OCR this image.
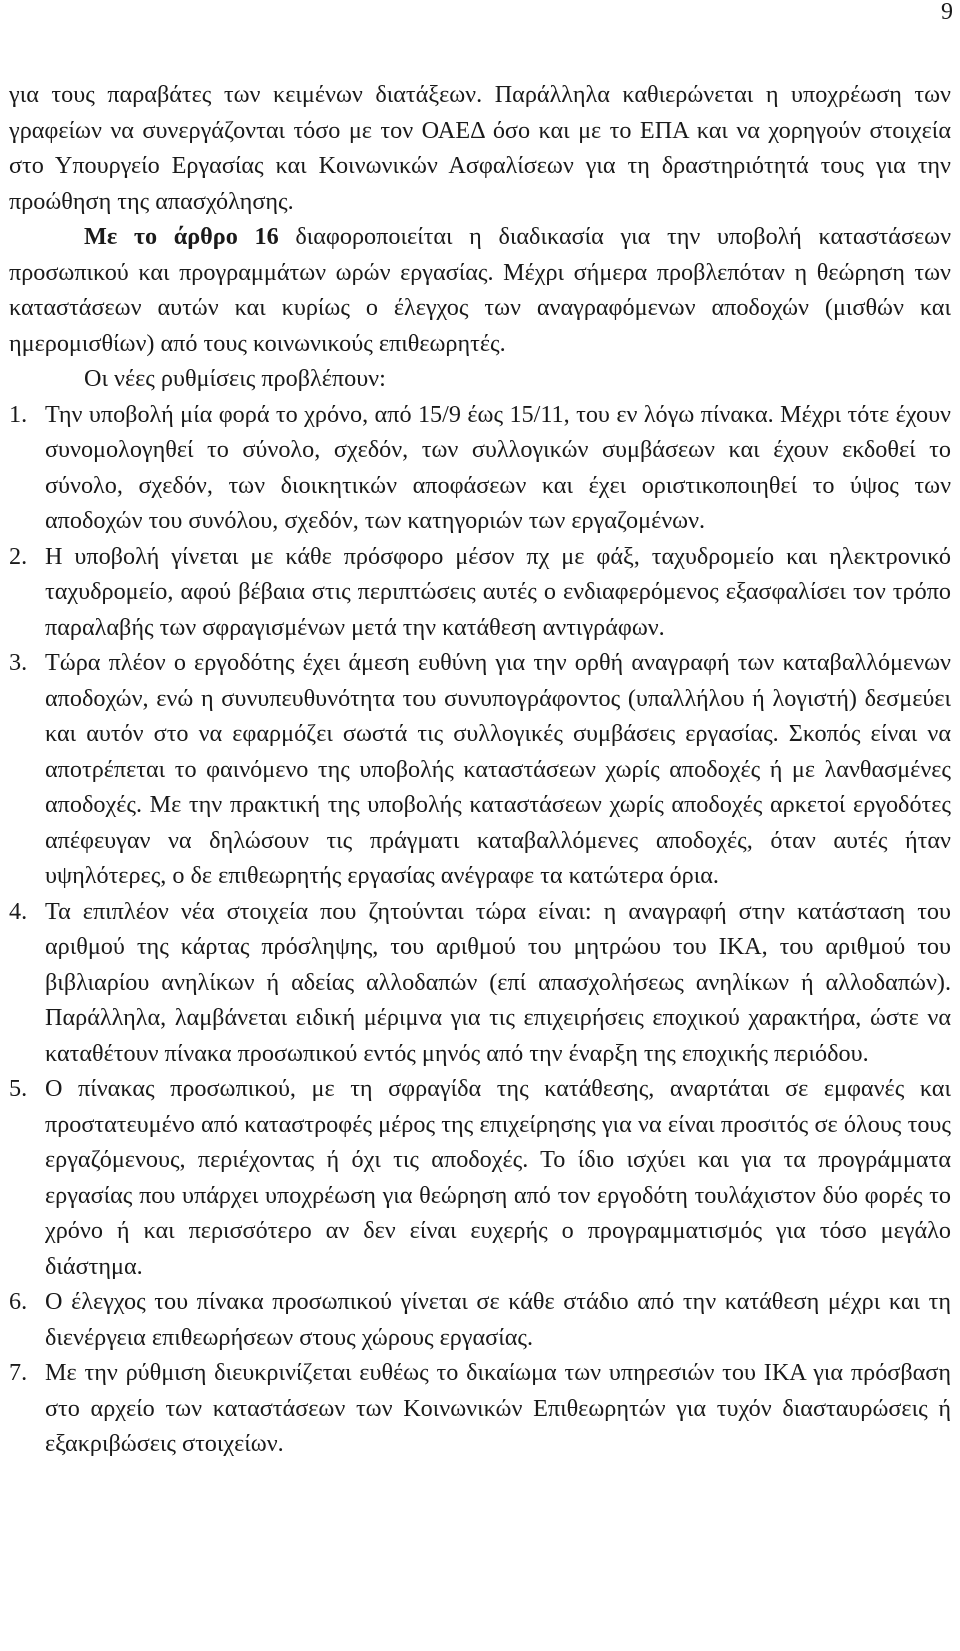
9

για τους παραβάτες των κειμένων διατάξεων. Παράλληλα καθιερώνεται η υποχρέωση των γραφείων να συνεργάζονται τόσο με τον ΟΑΕΔ όσο και με το ΕΠΑ και να χορηγούν στοιχεία στο Υπουργείο Εργασίας και Κοινωνικών Ασφαλίσεων για τη δραστηριότητά τους για την προώθηση της απασχόλησης.

Με το άρθρο 16 διαφοροποιείται η διαδικασία για την υποβολή καταστάσεων προσωπικού και προγραμμάτων ωρών εργασίας. Μέχρι σήμερα προβλεπόταν η θεώρηση των καταστάσεων αυτών και κυρίως ο έλεγχος των αναγραφόμενων αποδοχών (μισθών και ημερομισθίων) από τους κοινωνικούς επιθεωρητές.

Οι νέες ρυθμίσεις προβλέπουν:

1. Την υποβολή μία φορά το χρόνο, από 15/9 έως 15/11, του εν λόγω πίνακα. Μέχρι τότε έχουν συνομολογηθεί το σύνολο, σχεδόν, των συλλογικών συμβάσεων και έχουν εκδοθεί το σύνολο, σχεδόν, των διοικητικών αποφάσεων και έχει οριστικοποιηθεί το ύψος των αποδοχών του συνόλου, σχεδόν, των κατηγοριών των εργαζομένων.
2. Η υποβολή γίνεται με κάθε πρόσφορο μέσον πχ με φάξ, ταχυδρομείο και ηλεκτρονικό ταχυδρομείο, αφού βέβαια στις περιπτώσεις αυτές ο ενδιαφερόμενος εξασφαλίσει τον τρόπο παραλαβής των σφραγισμένων μετά την κατάθεση αντιγράφων.
3. Τώρα πλέον ο εργοδότης έχει άμεση ευθύνη για την ορθή αναγραφή των καταβαλλόμενων αποδοχών, ενώ η συνυπευθυνότητα του συνυπογράφοντος (υπαλλήλου ή λογιστή) δεσμεύει και αυτόν στο να εφαρμόζει σωστά τις συλλογικές συμβάσεις εργασίας. Σκοπός είναι να αποτρέπεται το φαινόμενο της υποβολής καταστάσεων χωρίς αποδοχές ή με λανθασμένες αποδοχές. Με την πρακτική της υποβολής καταστάσεων χωρίς αποδοχές αρκετοί εργοδότες απέφευγαν να δηλώσουν τις πράγματι καταβαλλόμενες αποδοχές, όταν αυτές ήταν υψηλότερες, ο δε επιθεωρητής εργασίας ανέγραφε τα κατώτερα όρια.
4. Τα επιπλέον νέα στοιχεία που ζητούνται τώρα είναι: η αναγραφή στην κατάσταση του αριθμού της κάρτας πρόσληψης, του αριθμού του μητρώου του ΙΚΑ, του αριθμού του βιβλιαρίου ανηλίκων ή αδείας αλλοδαπών (επί απασχολήσεως ανηλίκων ή αλλοδαπών). Παράλληλα, λαμβάνεται ειδική μέριμνα για τις επιχειρήσεις εποχικού χαρακτήρα, ώστε να καταθέτουν πίνακα προσωπικού εντός μηνός από την έναρξη της εποχικής περιόδου.
5. Ο πίνακας προσωπικού, με τη σφραγίδα της κατάθεσης, αναρτάται σε εμφανές και προστατευμένο από καταστροφές μέρος της επιχείρησης για να είναι προσιτός σε όλους τους εργαζόμενους, περιέχοντας ή όχι τις αποδοχές. Το ίδιο ισχύει και για τα προγράμματα εργασίας που υπάρχει υποχρέωση για θεώρηση από τον εργοδότη τουλάχιστον δύο φορές το χρόνο ή και περισσότερο αν δεν είναι ευχερής ο προγραμματισμός για τόσο μεγάλο διάστημα.
6. Ο έλεγχος του πίνακα προσωπικού γίνεται σε κάθε στάδιο από την κατάθεση μέχρι και τη διενέργεια επιθεωρήσεων στους χώρους εργασίας.
7. Με την ρύθμιση διευκρινίζεται ευθέως το δικαίωμα των υπηρεσιών του ΙΚΑ για πρόσβαση στο αρχείο των καταστάσεων των Κοινωνικών Επιθεωρητών για τυχόν διασταυρώσεις ή εξακριβώσεις στοιχείων.
